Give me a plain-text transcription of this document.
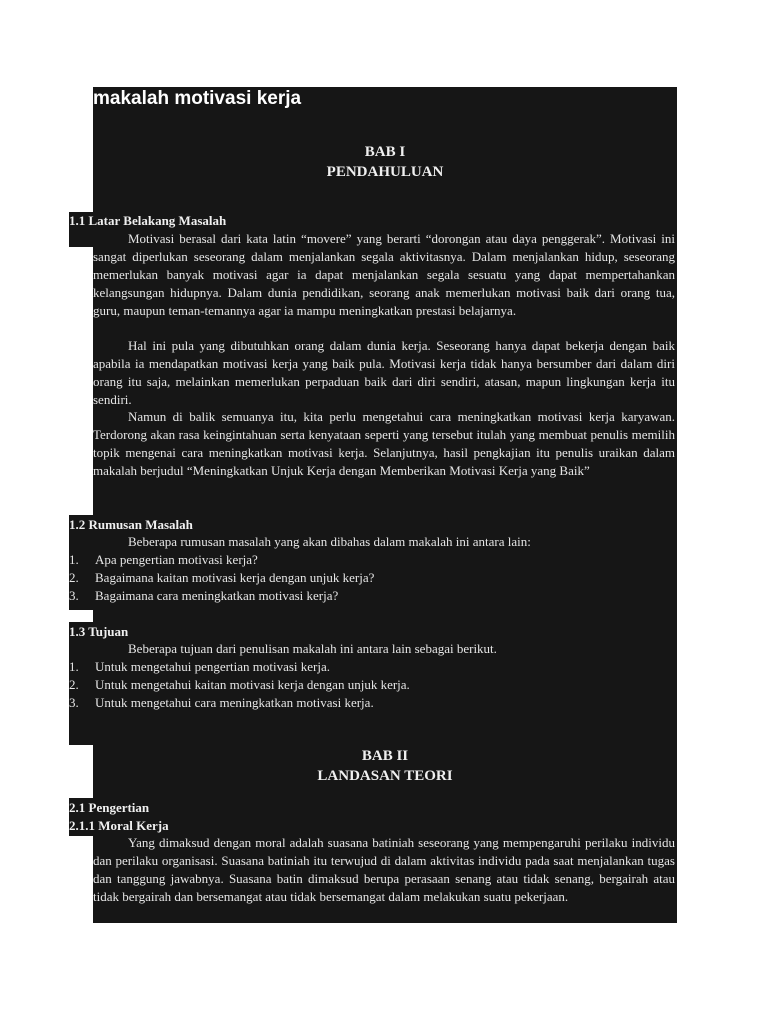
makalah motivasi kerja
BAB I
PENDAHULUAN
1.1 Latar Belakang Masalah

Motivasi berasal dari kata latin “movere” yang berarti “dorongan atau daya penggerak”. Motivasi ini sangat diperlukan seseorang dalam menjalankan segala aktivitasnya. Dalam menjalankan hidup, seseorang memerlukan banyak motivasi agar ia dapat menjalankan segala sesuatu yang dapat mempertahankan kelangsungan hidupnya. Dalam dunia pendidikan, seorang anak memerlukan motivasi baik dari orang tua, guru, maupun teman-temannya agar ia mampu meningkatkan prestasi belajarnya.

Hal ini pula yang dibutuhkan orang dalam dunia kerja. Seseorang hanya dapat bekerja dengan baik apabila ia mendapatkan motivasi kerja yang baik pula. Motivasi kerja tidak hanya bersumber dari dalam diri orang itu saja, melainkan memerlukan perpaduan baik dari diri sendiri, atasan, mapun lingkungan kerja itu sendiri.

Namun di balik semuanya itu, kita perlu mengetahui cara meningkatkan motivasi kerja karyawan. Terdorong akan rasa keingintahuan serta kenyataan seperti yang tersebut itulah yang membuat penulis memilih topik mengenai cara meningkatkan motivasi kerja. Selanjutnya, hasil pengkajian itu penulis uraikan dalam makalah berjudul “Meningkatkan Unjuk Kerja dengan Memberikan Motivasi Kerja yang Baik”

1.2 Rumusan Masalah

Beberapa rumusan masalah yang akan dibahas dalam makalah ini antara lain:

1. Apa pengertian motivasi kerja?
2. Bagaimana kaitan motivasi kerja dengan unjuk kerja?
3. Bagaimana cara meningkatkan motivasi kerja?
1.3 Tujuan

Beberapa tujuan dari penulisan makalah ini antara lain sebagai berikut.

1. Untuk mengetahui pengertian motivasi kerja.
2. Untuk mengetahui kaitan motivasi kerja dengan unjuk kerja.
3. Untuk mengetahui cara meningkatkan motivasi kerja.
BAB II
LANDASAN TEORI
2.1 Pengertian
2.1.1 Moral Kerja

Yang dimaksud dengan moral adalah suasana batiniah seseorang yang mempengaruhi perilaku individu dan perilaku organisasi. Suasana batiniah itu terwujud di dalam aktivitas individu pada saat menjalankan tugas dan tanggung jawabnya. Suasana batin dimaksud berupa perasaan senang atau tidak senang, bergairah atau tidak bergairah dan bersemangat atau tidak bersemangat dalam melakukan suatu pekerjaan.
